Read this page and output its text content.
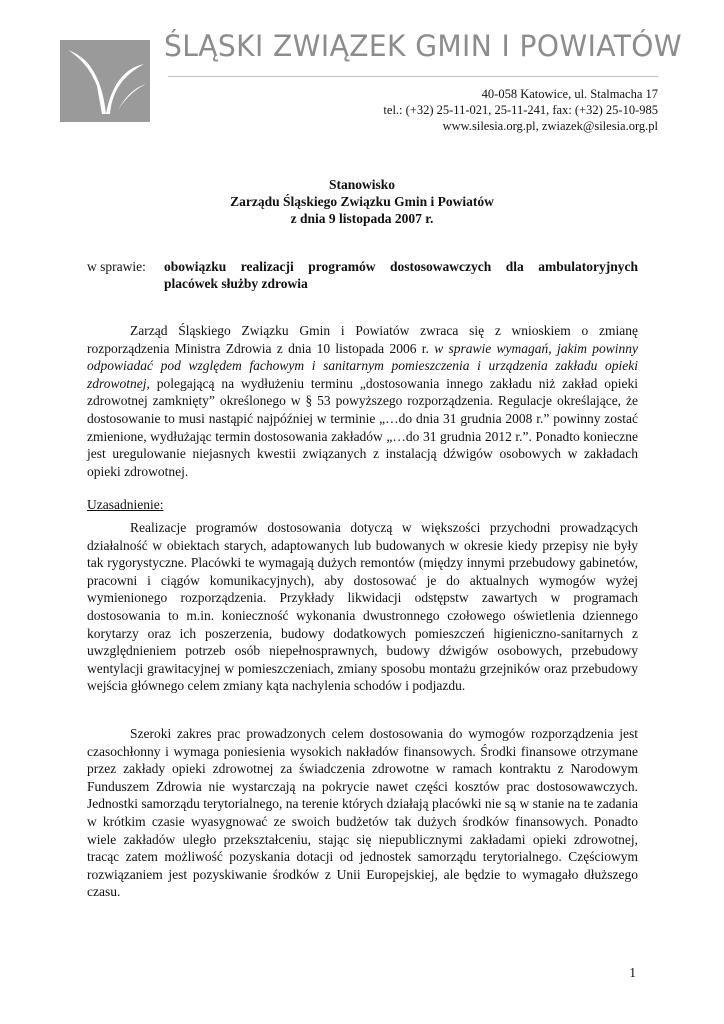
ŚLĄSKI ZWIĄZEK GMIN I POWIATÓW
40-058 Katowice, ul. Stalmacha 17
tel.: (+32) 25-11-021, 25-11-241, fax: (+32) 25-10-985
www.silesia.org.pl, zwiazek@silesia.org.pl
Stanowisko
Zarządu Śląskiego Związku Gmin i Powiatów
z dnia 9 listopada 2007 r.
w sprawie: obowiązku realizacji programów dostosowawczych dla ambulatoryjnych placówek służby zdrowia
Zarząd Śląskiego Związku Gmin i Powiatów zwraca się z wnioskiem o zmianę rozporządzenia Ministra Zdrowia z dnia 10 listopada 2006 r. w sprawie wymagań, jakim powinny odpowiadać pod względem fachowym i sanitarnym pomieszczenia i urządzenia zakładu opieki zdrowotnej, polegającą na wydłużeniu terminu „dostosowania innego zakładu niż zakład opieki zdrowotnej zamknięty” określonego w § 53 powyższego rozporządzenia. Regulacje określające, że dostosowanie to musi nastąpić najpóźniej w terminie „…do dnia 31 grudnia 2008 r.” powinny zostać zmienione, wydłużając termin dostosowania zakładów „…do 31 grudnia 2012 r.”. Ponadto konieczne jest uregulowanie niejasnych kwestii związanych z instalacją dźwigów osobowych w zakładach opieki zdrowotnej.
Uzasadnienie:
Realizacje programów dostosowania dotyczą w większości przychodni prowadzących działalność w obiektach starych, adaptowanych lub budowanych w okresie kiedy przepisy nie były tak rygorystyczne. Placówki te wymagają dużych remontów (między innymi przebudowy gabinetów, pracowni i ciągów komunikacyjnych), aby dostosować je do aktualnych wymogów wyżej wymienionego rozporządzenia. Przykłady likwidacji odstępstw zawartych w programach dostosowania to m.in. konieczność wykonania dwustronnego czołowego oświetlenia dziennego korytarzy oraz ich poszerzenia, budowy dodatkowych pomieszczeń higieniczno-sanitarnych z uwzględnieniem potrzeb osób niepełnosprawnych, budowy dźwigów osobowych, przebudowy wentylacji grawitacyjnej w pomieszczeniach, zmiany sposobu montażu grzejników oraz przebudowy wejścia głównego celem zmiany kąta nachylenia schodów i podjazdu.
Szeroki zakres prac prowadzonych celem dostosowania do wymogów rozporządzenia jest czasochłonny i wymaga poniesienia wysokich nakładów finansowych. Środki finansowe otrzymane przez zakłady opieki zdrowotnej za świadczenia zdrowotne w ramach kontraktu z Narodowym Funduszem Zdrowia nie wystarczają na pokrycie nawet części kosztów prac dostosowawczych. Jednostki samorządu terytorialnego, na terenie których działają placówki nie są w stanie na te zadania w krótkim czasie wyasygnować ze swoich budżetów tak dużych środków finansowych. Ponadto wiele zakładów uległo przekształceniu, stając się niepublicznymi zakładami opieki zdrowotnej, tracąc zatem możliwość pozyskania dotacji od jednostek samorządu terytorialnego. Częściowym rozwiązaniem jest pozyskiwanie środków z Unii Europejskiej, ale będzie to wymagało dłuższego czasu.
1
